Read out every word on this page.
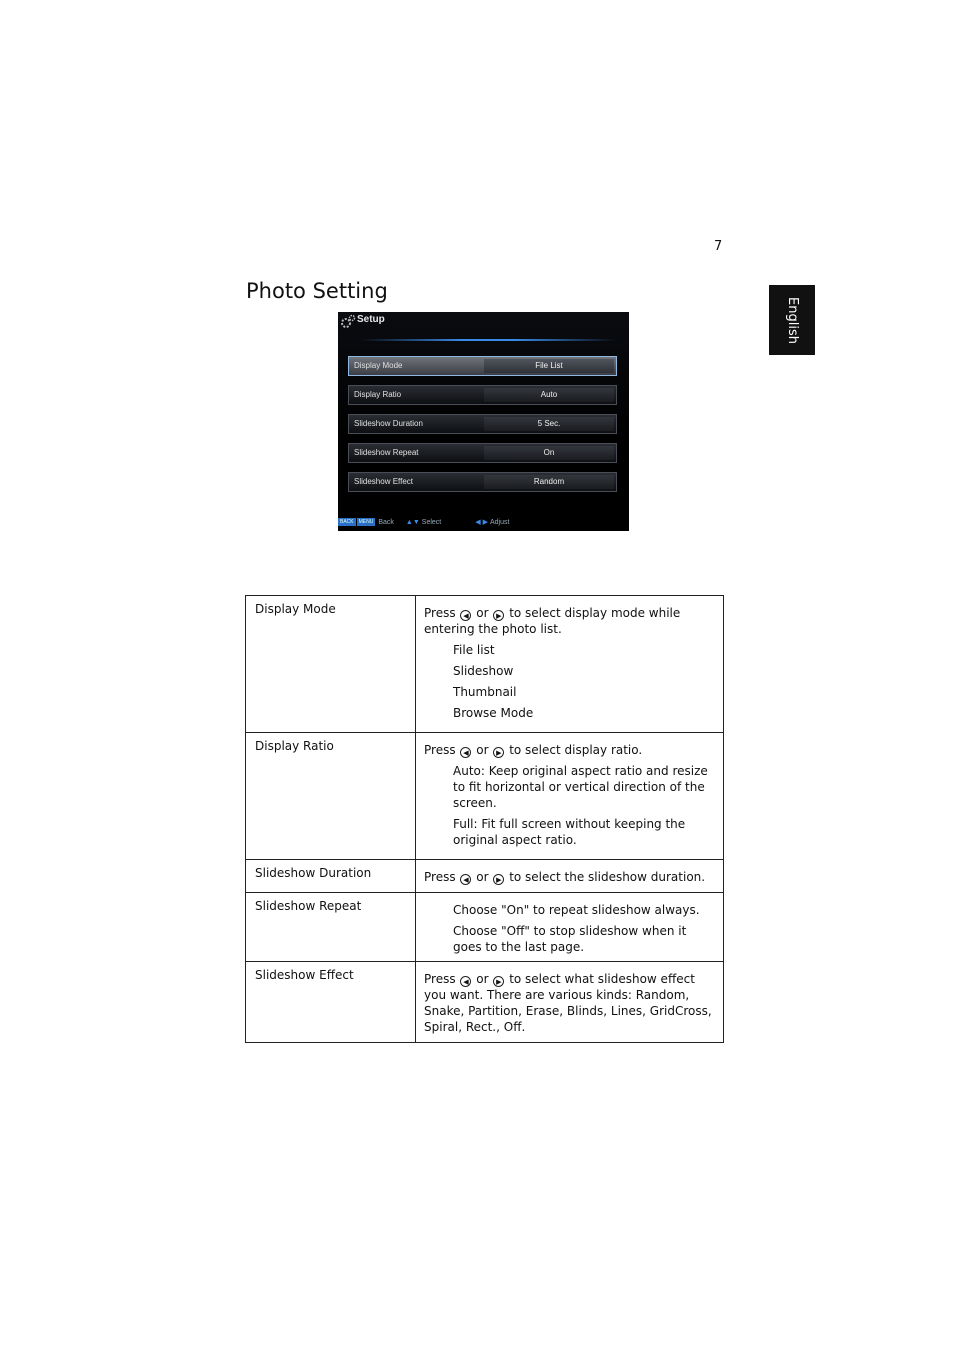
7
English
Photo Setting
Setup
Display Mode	File List
Display Ratio	Auto
Slideshow Duration	5 Sec.
Slideshow Repeat	On
Slideshow Effect	Random
BACK	MENU Back ▲▼ Select	◀ ▶ Adjust
Display Mode	Press ◀ or ▶ to select display mode while entering the photo list.
File list
Slideshow
Thumbnail
Browse Mode

Display Ratio	Press ◀ or ▶ to select display ratio.
Auto: Keep original aspect ratio and resize to fit horizontal or vertical direction of the screen.
Full: Fit full screen without keeping the original aspect ratio.

Slideshow Duration	Press ◀ or ▶ to select the slideshow duration.

Slideshow Repeat	Choose "On" to repeat slideshow always.
Choose "Off" to stop slideshow when it goes to the last page.

Slideshow Effect	Press ◀ or ▶ to select what slideshow effect you want. There are various kinds: Random, Snake, Partition, Erase, Blinds, Lines, GridCross, Spiral, Rect., Off.
